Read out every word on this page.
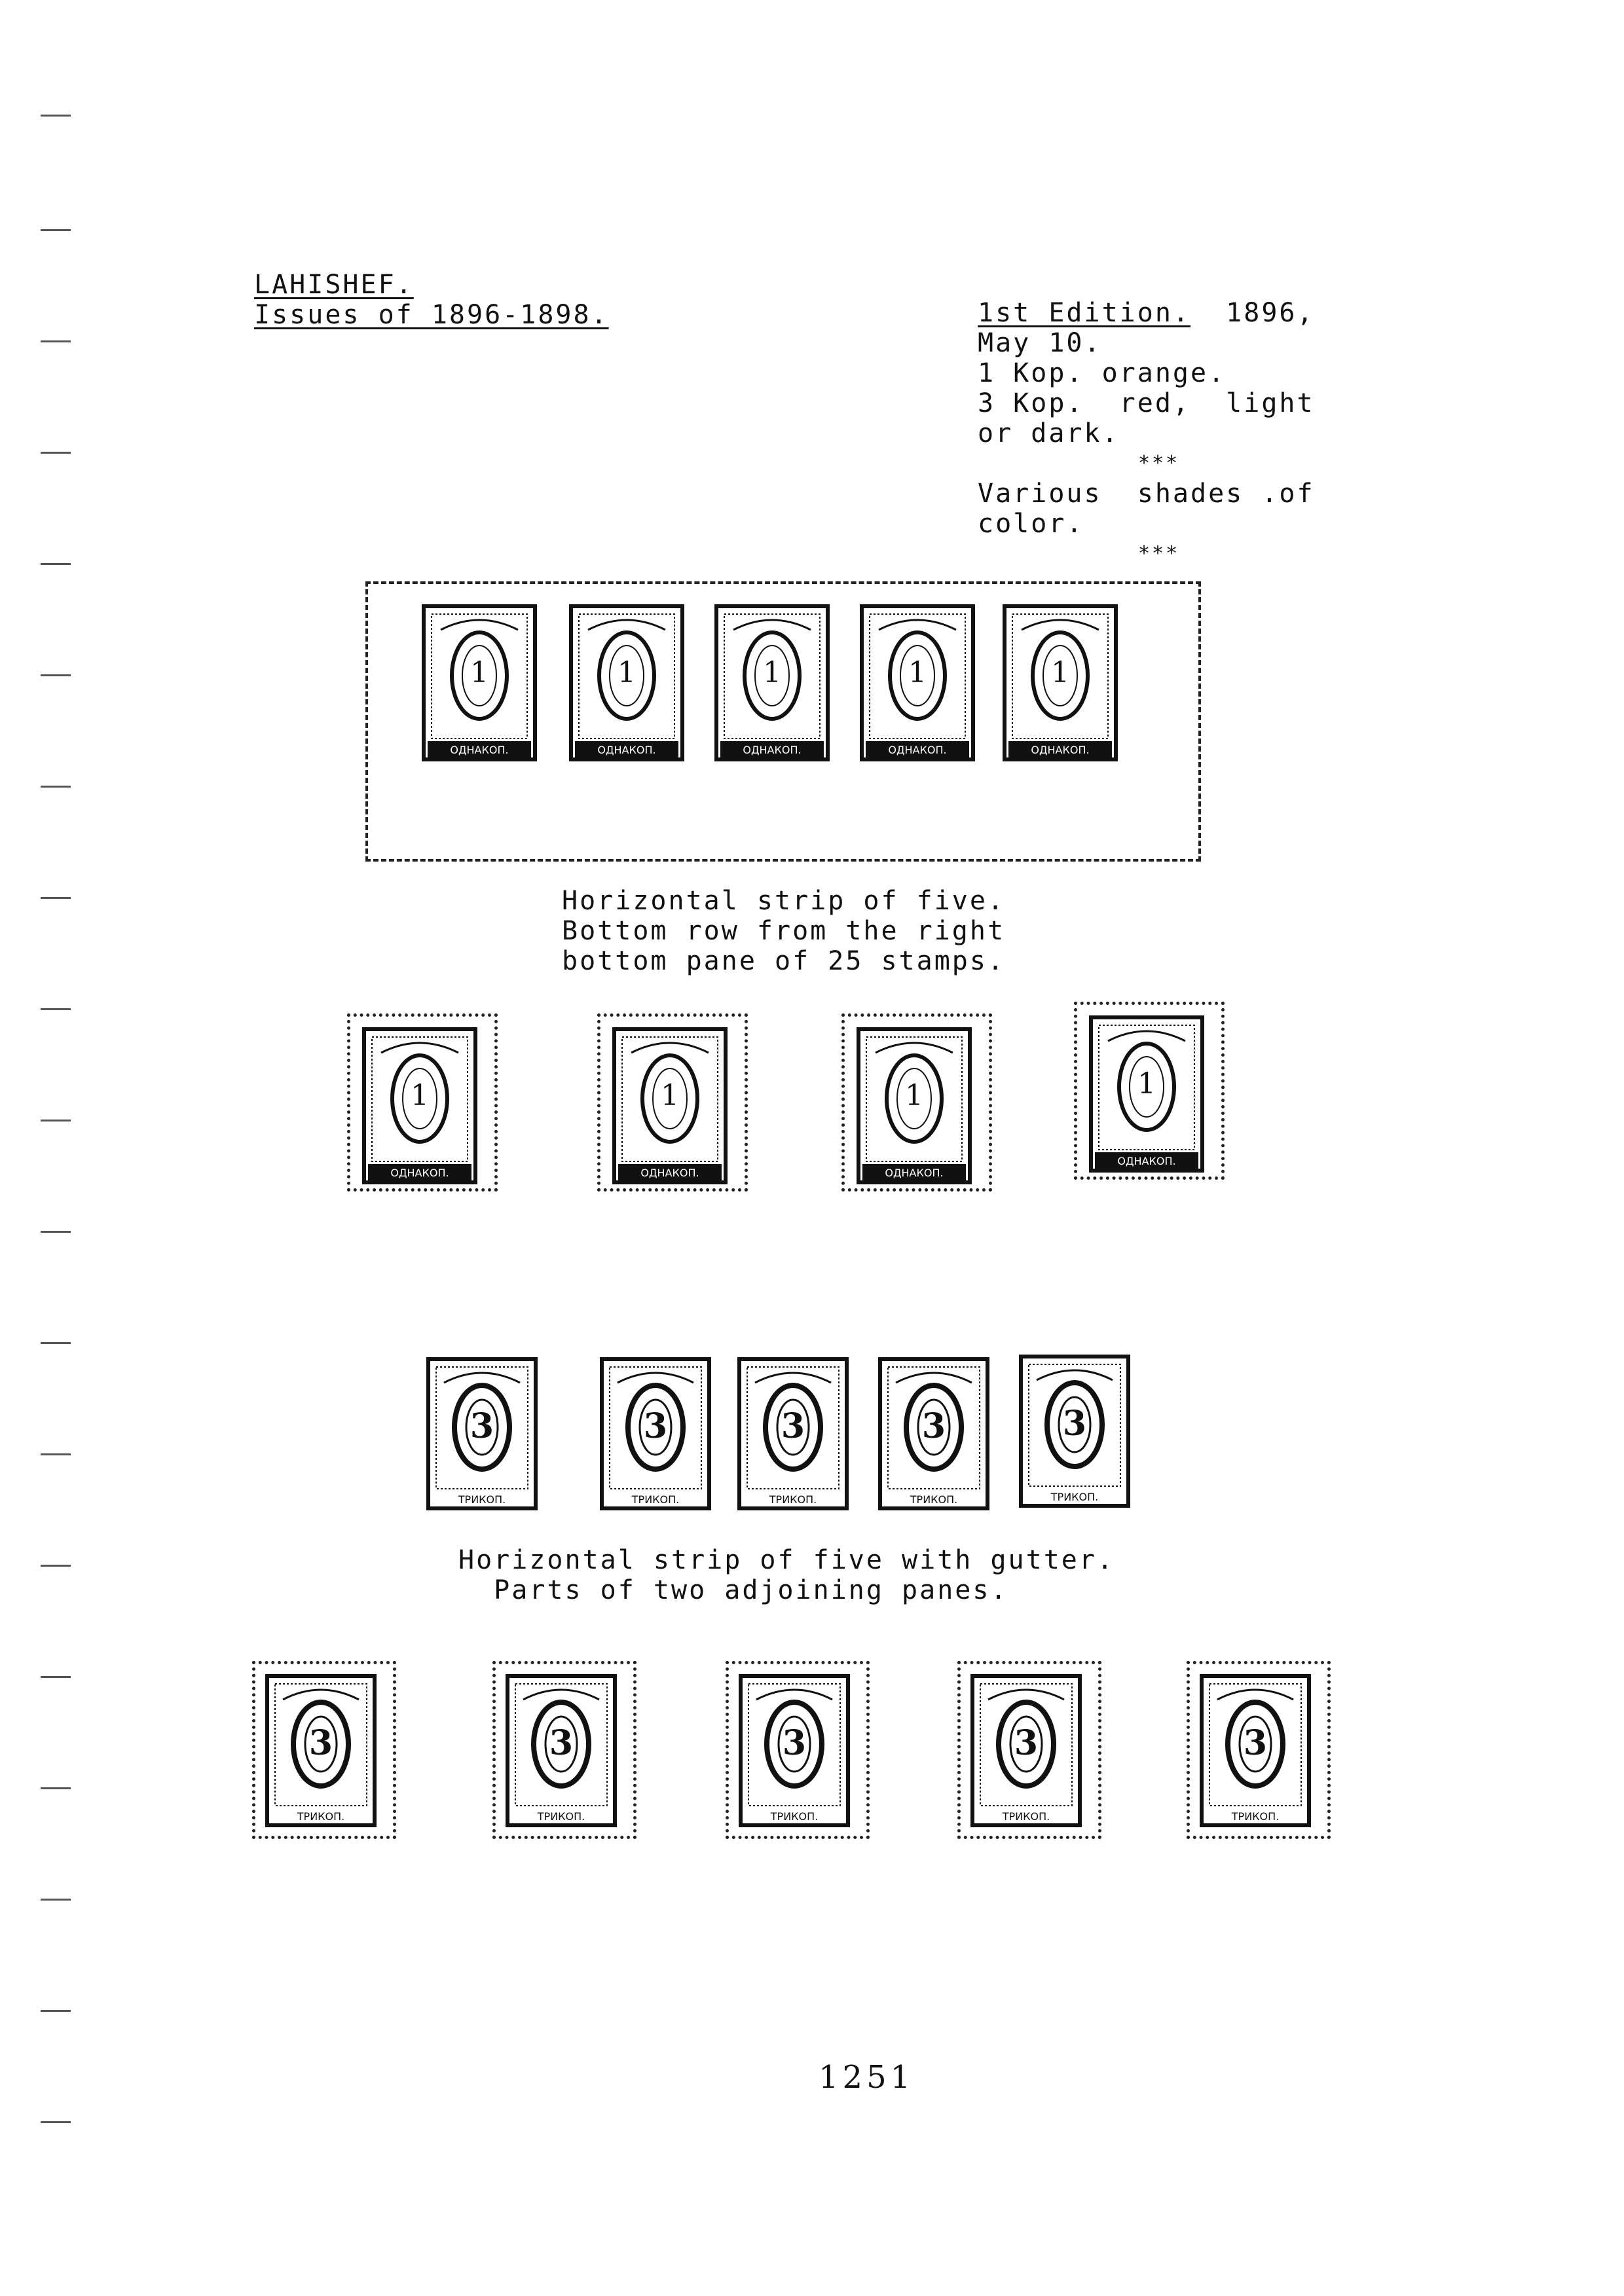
LAHISHEF.
Issues of 1896-1898.	1st Edition. 1896,
May 10.
1 Kop. orange.
3 Kop.  red,  light
or dark.
***
Various  shades .of
color.
***
1
ОДНАКОП.
1
ОДНАКОП.
1
ОДНАКОП.
1
ОДНАКОП.
1
ОДНАКОП.
Horizontal strip of five.
Bottom row from the right
bottom pane of 25 stamps.
1
ОДНАКОП.
1
ОДНАКОП.
1
ОДНАКОП.
1
ОДНАКОП.
3
ТРИКОП.
3
ТРИКОП.
3
ТРИКОП.
3
ТРИКОП.
3
ТРИКОП.
Horizontal strip of five with gutter.
Parts of two adjoining panes.
3
ТРИКОП.
3
ТРИКОП.
3
ТРИКОП.
3
ТРИКОП.
3
ТРИКОП.
1251
